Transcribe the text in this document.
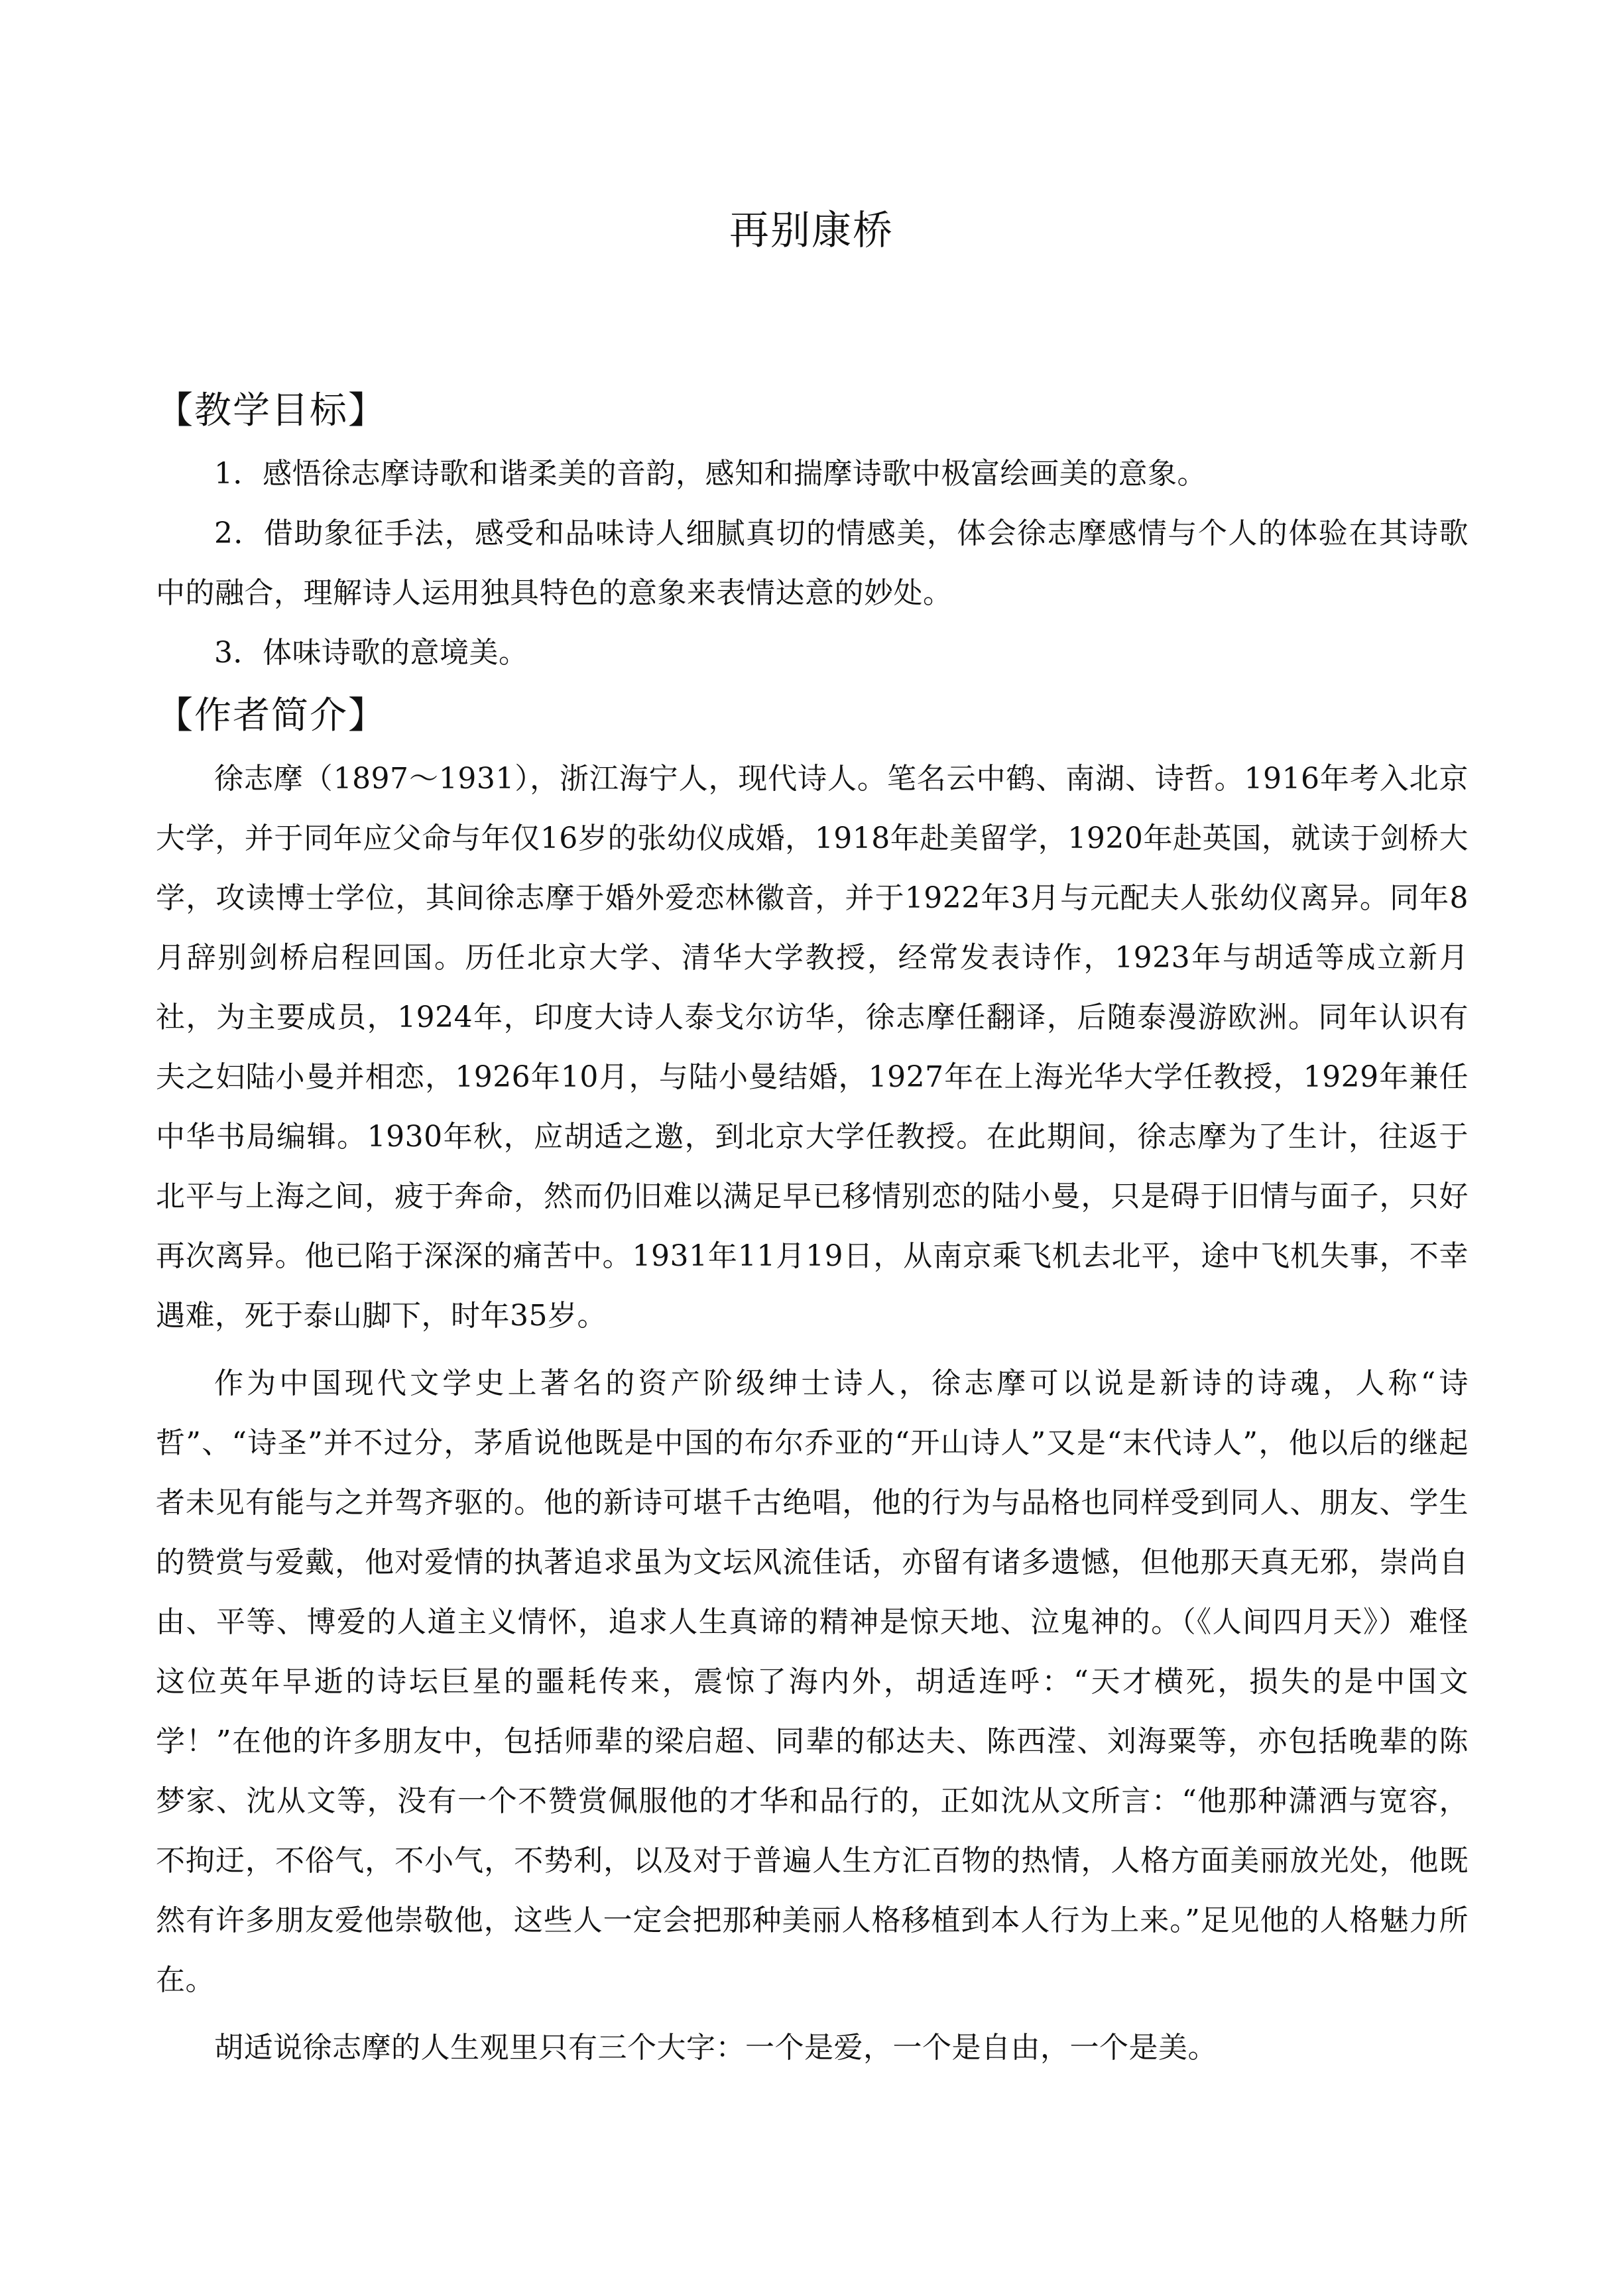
再别康桥
【教学目标】

1．感悟徐志摩诗歌和谐柔美的音韵，感知和揣摩诗歌中极富绘画美的意象。

2．借助象征手法，感受和品味诗人细腻真切的情感美，体会徐志摩感情与个人的体验在其诗歌中的融合，理解诗人运用独具特色的意象来表情达意的妙处。

3．体味诗歌的意境美。

【作者简介】

徐志摩（1897～1931），浙江海宁人，现代诗人。笔名云中鹤、南湖、诗哲。1916年考入北京大学，并于同年应父命与年仅16岁的张幼仪成婚，1918年赴美留学，1920年赴英国，就读于剑桥大学，攻读博士学位，其间徐志摩于婚外爱恋林徽音，并于1922年3月与元配夫人张幼仪离异。同年8月辞别剑桥启程回国。历任北京大学、清华大学教授，经常发表诗作，1923年与胡适等成立新月社，为主要成员，1924年，印度大诗人泰戈尔访华，徐志摩任翻译，后随泰漫游欧洲。同年认识有夫之妇陆小曼并相恋，1926年10月，与陆小曼结婚，1927年在上海光华大学任教授，1929年兼任中华书局编辑。1930年秋，应胡适之邀，到北京大学任教授。在此期间，徐志摩为了生计，往返于北平与上海之间，疲于奔命，然而仍旧难以满足早已移情别恋的陆小曼，只是碍于旧情与面子，只好再次离异。他已陷于深深的痛苦中。1931年11月19日，从南京乘飞机去北平，途中飞机失事，不幸遇难，死于泰山脚下，时年35岁。

作为中国现代文学史上著名的资产阶级绅士诗人，徐志摩可以说是新诗的诗魂，人称“诗哲”、“诗圣”并不过分，茅盾说他既是中国的布尔乔亚的“开山诗人”又是“末代诗人”，他以后的继起者未见有能与之并驾齐驱的。他的新诗可堪千古绝唱，他的行为与品格也同样受到同人、朋友、学生的赞赏与爱戴，他对爱情的执著追求虽为文坛风流佳话，亦留有诸多遗憾，但他那天真无邪，崇尚自由、平等、博爱的人道主义情怀，追求人生真谛的精神是惊天地、泣鬼神的。（《人间四月天》）难怪这位英年早逝的诗坛巨星的噩耗传来，震惊了海内外，胡适连呼：“天才横死，损失的是中国文学！”在他的许多朋友中，包括师辈的梁启超、同辈的郁达夫、陈西滢、刘海粟等，亦包括晚辈的陈梦家、沈从文等，没有一个不赞赏佩服他的才华和品行的，正如沈从文所言：“他那种潇洒与宽容，不拘迂，不俗气，不小气，不势利，以及对于普遍人生方汇百物的热情，人格方面美丽放光处，他既然有许多朋友爱他崇敬他，这些人一定会把那种美丽人格移植到本人行为上来。”足见他的人格魅力所在。

胡适说徐志摩的人生观里只有三个大字：一个是爱，一个是自由，一个是美。
